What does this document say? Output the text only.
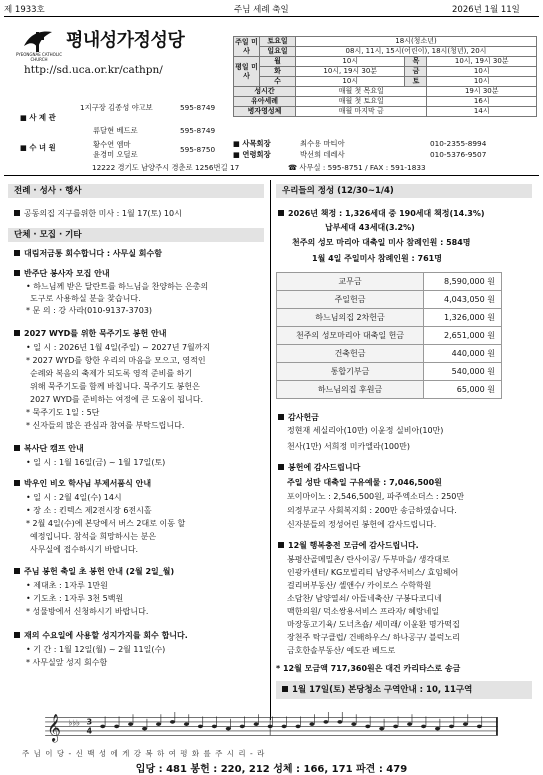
제 1933호	주님 세례 축일	2026년 1월 11일
PYEONGNAE CATHOLIC CHURCH
평내성가정성당
http://sd.uca.or.kr/cathpn/
주일 미사	토요일	18시(청소년)		
	일요일	08시, 11시, 15시(어린이), 18시(청년), 20시		
평일 미사	월	10시	목	10시, 19시 30분
	화	10시, 19시 30분	금	10시
	수	10시	토	10시
성시간		매월 첫 목요일		19시 30분
유아세례		매월 첫 토요일		16시
병자영성체		매월 마지막 금		14시
1지구장 김종성 야고보	595-8749
■ 사 제 관
류달현 베드로	595-8749
■ 수 녀 원	황수연 엠마
윤경미 오딜로
595-8750
■ 사목회장	최수용 마티아	010-2355-8994
■ 연령회장	박선희 데레사	010-5376-9507
12222 경기도 남양주시 경춘로 1256번길 17	☎ 사무실 : 595-8751 / FAX : 591-1833
전례 · 성사 · 행사
공동의집 지구를위한 미사 : 1월 17(토) 10시
단체 · 모집 · 기타
대림저금통 회수합니다 : 사무실 회수함
반주단 봉사자 모집 안내
• 하느님께 받은 달란트를 하느님을 찬양하는 은총의
도구로 사용하실 분을 찾습니다.
* 문 의 : 강 사라(010-9137-3703)
2027 WYD를 위한 묵주기도 봉헌 안내
• 일 시 : 2026년 1월 4일(주일) ~ 2027년 7월까지
* 2027 WYD를 향한 우리의 마음을 모으고, 영적인
순례와 복음의 축제가 되도록 영적 준비를 하기
위해 묵주기도를 함께 바칩니다. 묵주기도 봉헌은
2027 WYD를 준비하는 여정에 큰 도움이 됩니다.
* 묵주기도 1일 : 5단
* 신자들의 많은 관심과 참여를 부탁드립니다.
복사단 캠프 안내
• 일 시 : 1월 16일(금) ~ 1월 17일(토)
박우인 비오 학사님 부제서품식 안내
• 일 시 : 2월 4일(수) 14시
• 장 소 : 킨텍스 제2전시장 6전시홀
* 2월 4일(수)에 본당에서 버스 2대로 이동 할
예정입니다. 참석을 희망하시는 분은
사무실에 접수하시기 바랍니다.
주님 봉헌 축일 초 봉헌 안내 (2월 2일_월)
• 제대초 : 1자루 1만원
• 기도초 : 1자루 3천 5백원
* 성물방에서 신청하시기 바랍니다.
재의 수요일에 사용할 성지가지를 회수 합니다.
• 기 간 : 1월 12일(월) ~ 2월 11일(수)
* 사무실앞 성지 회수함
우리들의 정성 (12/30~1/4)
2026년 책정 : 1,326세대 중 190세대 책정(14.3%)
납부세대 43세대(3.2%)
천주의 성모 마리아 대축일 미사 참례인원 : 584명
1월 4일 주일미사 참례인원 : 761명
교무금	8,590,000 원
주일헌금	4,043,050 원
하느님의집 2차헌금	1,326,000 원
천주의 성모마리아 대축일 헌금	2,651,000 원
건축헌금	440,000 원
통합기부금	540,000 원
하느님의집 후원금	65,000 원
감사헌금
정현재 세실리아(10만) 이윤정 실비아(10만)
천사(1만) 서희정 미카엘라(100만)
봉헌에 감사드립니다
주일 성탄 대축일 구유예물 : 7,046,500원
포이마이노 : 2,546,500원, 파주엑소더스 : 250만
의정부교구 사회복지회 : 200만 송금하였습니다.
신자분들의 정성어린 봉헌에 감사드립니다.
12월 행복충전 모금에 감사드립니다.
봉평산골메밀촌/ 란사이공/ 두부마을/ 생각대로
인광카센터/ KG모빌리티 남양주서비스/ 효임헤어
걸리버부동산/ 셀앤수/ 카이로스 수학학원
소담찬/ 남양열쇠/ 아들네축산/ 구봉다코디네
맥한의원/ 덕소쌍용서비스 프라자/ 혜랑네일
마장동고기육/ 도너츠숍/ 세미래/ 이윤환 명가떡집
장천주 탁구클럽/ 건배하우스/ 하나공구/ 블럭노리
금호한솔부동산/ 예도관 베드로
* 12월 모금액 717,360원은 대건 카리타스로 송금
1월 17일(토) 본당청소 구역안내 : 10, 11구역
𝄞 ♭♭♭ 3
4
주 님 이 당 - 신 백 성 에 게 강 복 하 여 평 화 를 주 시 리 - 라
입당 : 481 봉헌 : 220, 212 성체 : 166, 171 파견 : 479
